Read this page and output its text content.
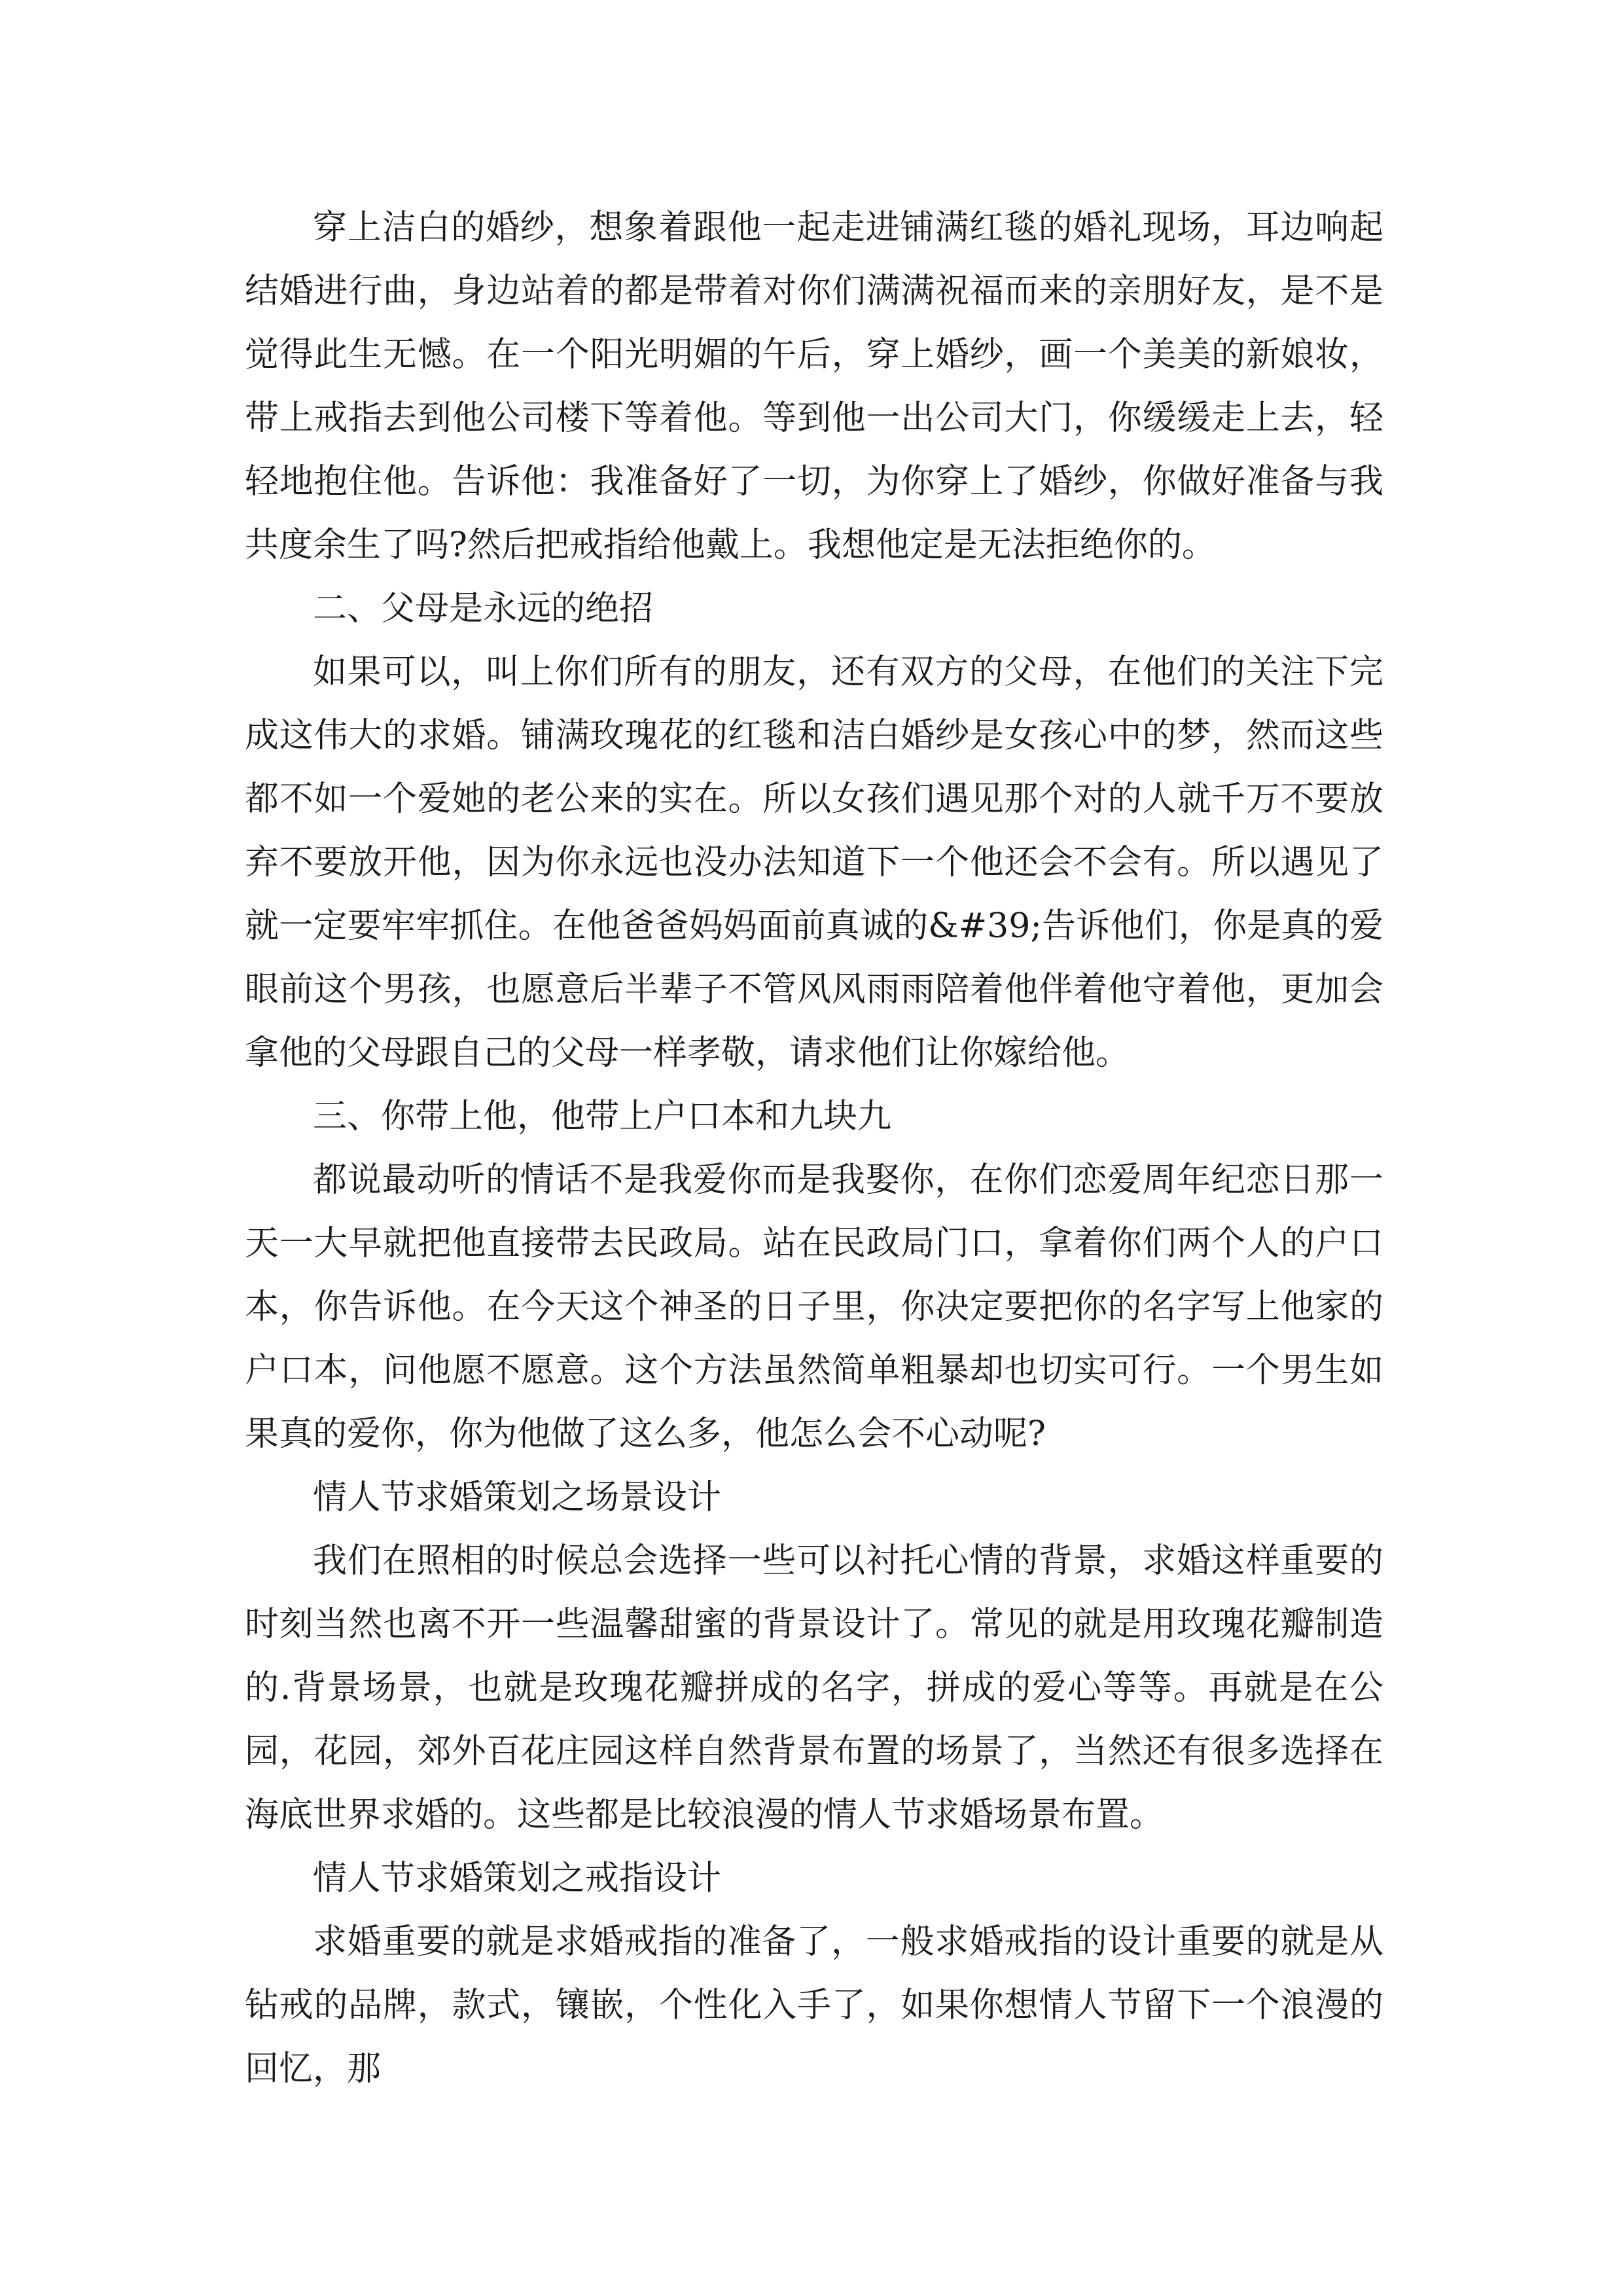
穿上洁白的婚纱，想象着跟他一起走进铺满红毯的婚礼现场，耳边响起结婚进行曲，身边站着的都是带着对你们满满祝福而来的亲朋好友，是不是觉得此生无憾。在一个阳光明媚的午后，穿上婚纱，画一个美美的新娘妆，带上戒指去到他公司楼下等着他。等到他一出公司大门，你缓缓走上去，轻轻地抱住他。告诉他：我准备好了一切，为你穿上了婚纱，你做好准备与我共度余生了吗?然后把戒指给他戴上。我想他定是无法拒绝你的。

二、父母是永远的绝招

如果可以，叫上你们所有的朋友，还有双方的父母，在他们的关注下完成这伟大的求婚。铺满玫瑰花的红毯和洁白婚纱是女孩心中的梦，然而这些都不如一个爱她的老公来的实在。所以女孩们遇见那个对的人就千万不要放弃不要放开他，因为你永远也没办法知道下一个他还会不会有。所以遇见了就一定要牢牢抓住。在他爸爸妈妈面前真诚的&#39;告诉他们，你是真的爱眼前这个男孩，也愿意后半辈子不管风风雨雨陪着他伴着他守着他，更加会拿他的父母跟自己的父母一样孝敬，请求他们让你嫁给他。

三、你带上他，他带上户口本和九块九

都说最动听的情话不是我爱你而是我娶你，在你们恋爱周年纪恋日那一天一大早就把他直接带去民政局。站在民政局门口，拿着你们两个人的户口本，你告诉他。在今天这个神圣的日子里，你决定要把你的名字写上他家的户口本，问他愿不愿意。这个方法虽然简单粗暴却也切实可行。一个男生如果真的爱你，你为他做了这么多，他怎么会不心动呢?

情人节求婚策划之场景设计

我们在照相的时候总会选择一些可以衬托心情的背景，求婚这样重要的时刻当然也离不开一些温馨甜蜜的背景设计了。常见的就是用玫瑰花瓣制造的.背景场景，也就是玫瑰花瓣拼成的名字，拼成的爱心等等。再就是在公园，花园，郊外百花庄园这样自然背景布置的场景了，当然还有很多选择在海底世界求婚的。这些都是比较浪漫的情人节求婚场景布置。

情人节求婚策划之戒指设计

求婚重要的就是求婚戒指的准备了，一般求婚戒指的设计重要的就是从钻戒的品牌，款式，镶嵌，个性化入手了，如果你想情人节留下一个浪漫的回忆，那
